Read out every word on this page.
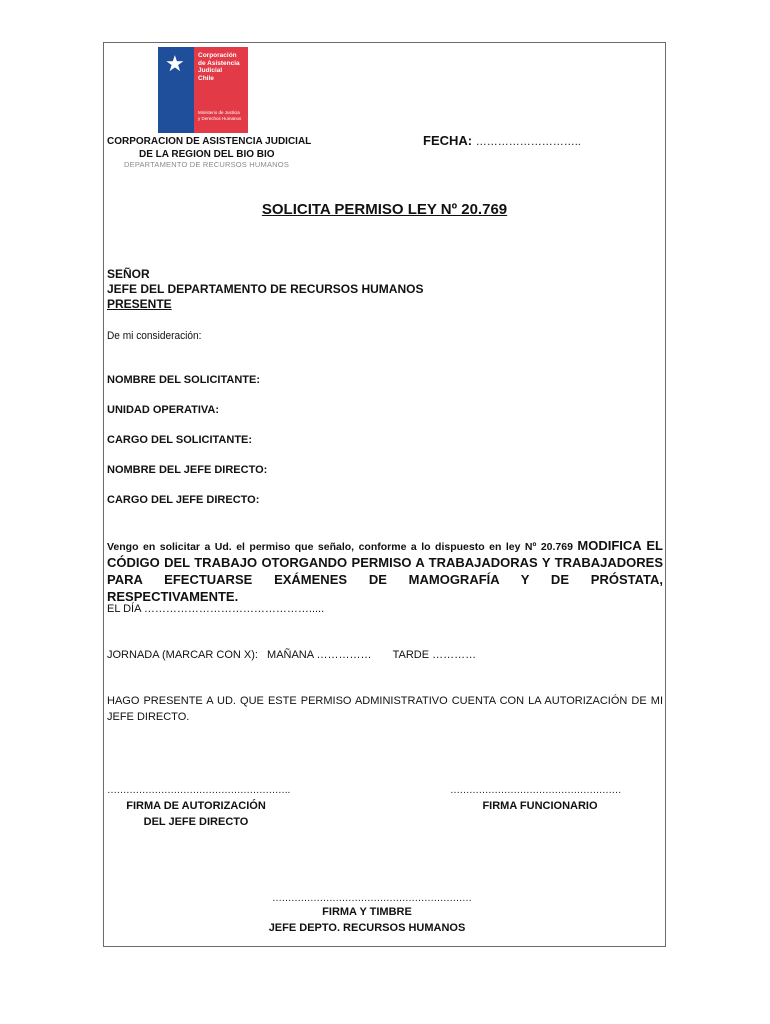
★ Corporación
de Asistencia
Judicial
Chile
Ministerio de Justicia
y Derechos Humanos
CORPORACION DE ASISTENCIA JUDICIAL
DE LA REGION DEL BIO BIO
DEPARTAMENTO DE RECURSOS HUMANOS
FECHA: ………………………..
SOLICITA PERMISO LEY Nº 20.769
SEÑOR
JEFE DEL DEPARTAMENTO DE RECURSOS HUMANOS
PRESENTE
De mi consideración:
NOMBRE DEL SOLICITANTE:
UNIDAD OPERATIVA:
CARGO DEL SOLICITANTE:
NOMBRE DEL JEFE DIRECTO:
CARGO DEL JEFE DIRECTO:
Vengo en solicitar a Ud. el permiso que señalo, conforme a lo dispuesto en ley Nº 20.769 MODIFICA EL CÓDIGO DEL TRABAJO OTORGANDO PERMISO A TRABAJADORAS Y TRABAJADORES PARA EFECTUARSE EXÁMENES DE MAMOGRAFÍA Y DE PRÓSTATA, RESPECTIVAMENTE.
EL DÍA ……………………………………….....
JORNADA (MARCAR CON X): MAÑANA …………… TARDE …………
HAGO PRESENTE A UD. QUE ESTE PERMISO ADMINISTRATIVO CUENTA CON LA AUTORIZACIÓN DE MI JEFE DIRECTO.
………………………………………………….
FIRMA DE AUTORIZACIÓN
DEL JEFE DIRECTO
………………………………………………
FIRMA FUNCIONARIO
………………………………………………………
FIRMA Y TIMBRE
JEFE DEPTO. RECURSOS HUMANOS
